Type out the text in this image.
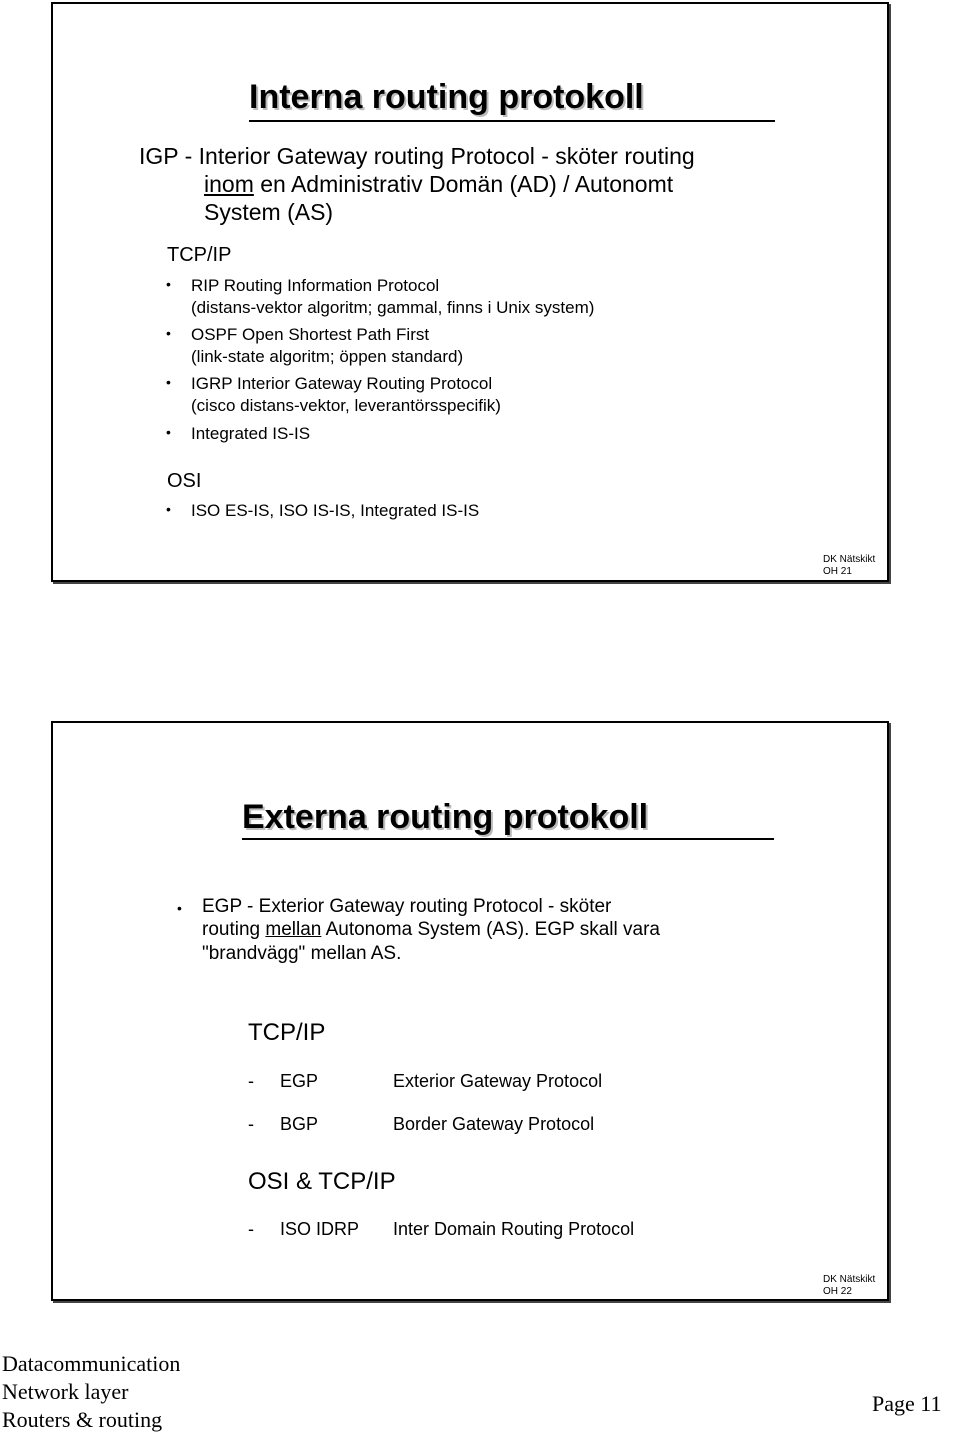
Interna routing protokoll
IGP - Interior Gateway routing Protocol - sköter routing
inom en Administrativ Domän (AD) / Autonomt
System (AS)
TCP/IP
• RIP Routing Information Protocol
(distans-vektor algoritm; gammal, finns i Unix system)
• OSPF Open Shortest Path First
(link-state algoritm; öppen standard)
• IGRP Interior Gateway Routing Protocol
(cisco distans-vektor, leverantörsspecifik)
• Integrated IS-IS
OSI
• ISO ES-IS, ISO IS-IS, Integrated IS-IS
DK Nätskikt
OH 21
Externa routing protokoll
• EGP - Exterior Gateway routing Protocol - sköter
routing mellan Autonoma System (AS). EGP skall vara
"brandvägg" mellan AS.
TCP/IP
- EGP	Exterior Gateway Protocol
- BGP	Border Gateway Protocol
OSI & TCP/IP
- ISO IDRP Inter Domain Routing Protocol
DK Nätskikt
OH 22
Datacommunication
Network layer
Routers & routing
Page 11
